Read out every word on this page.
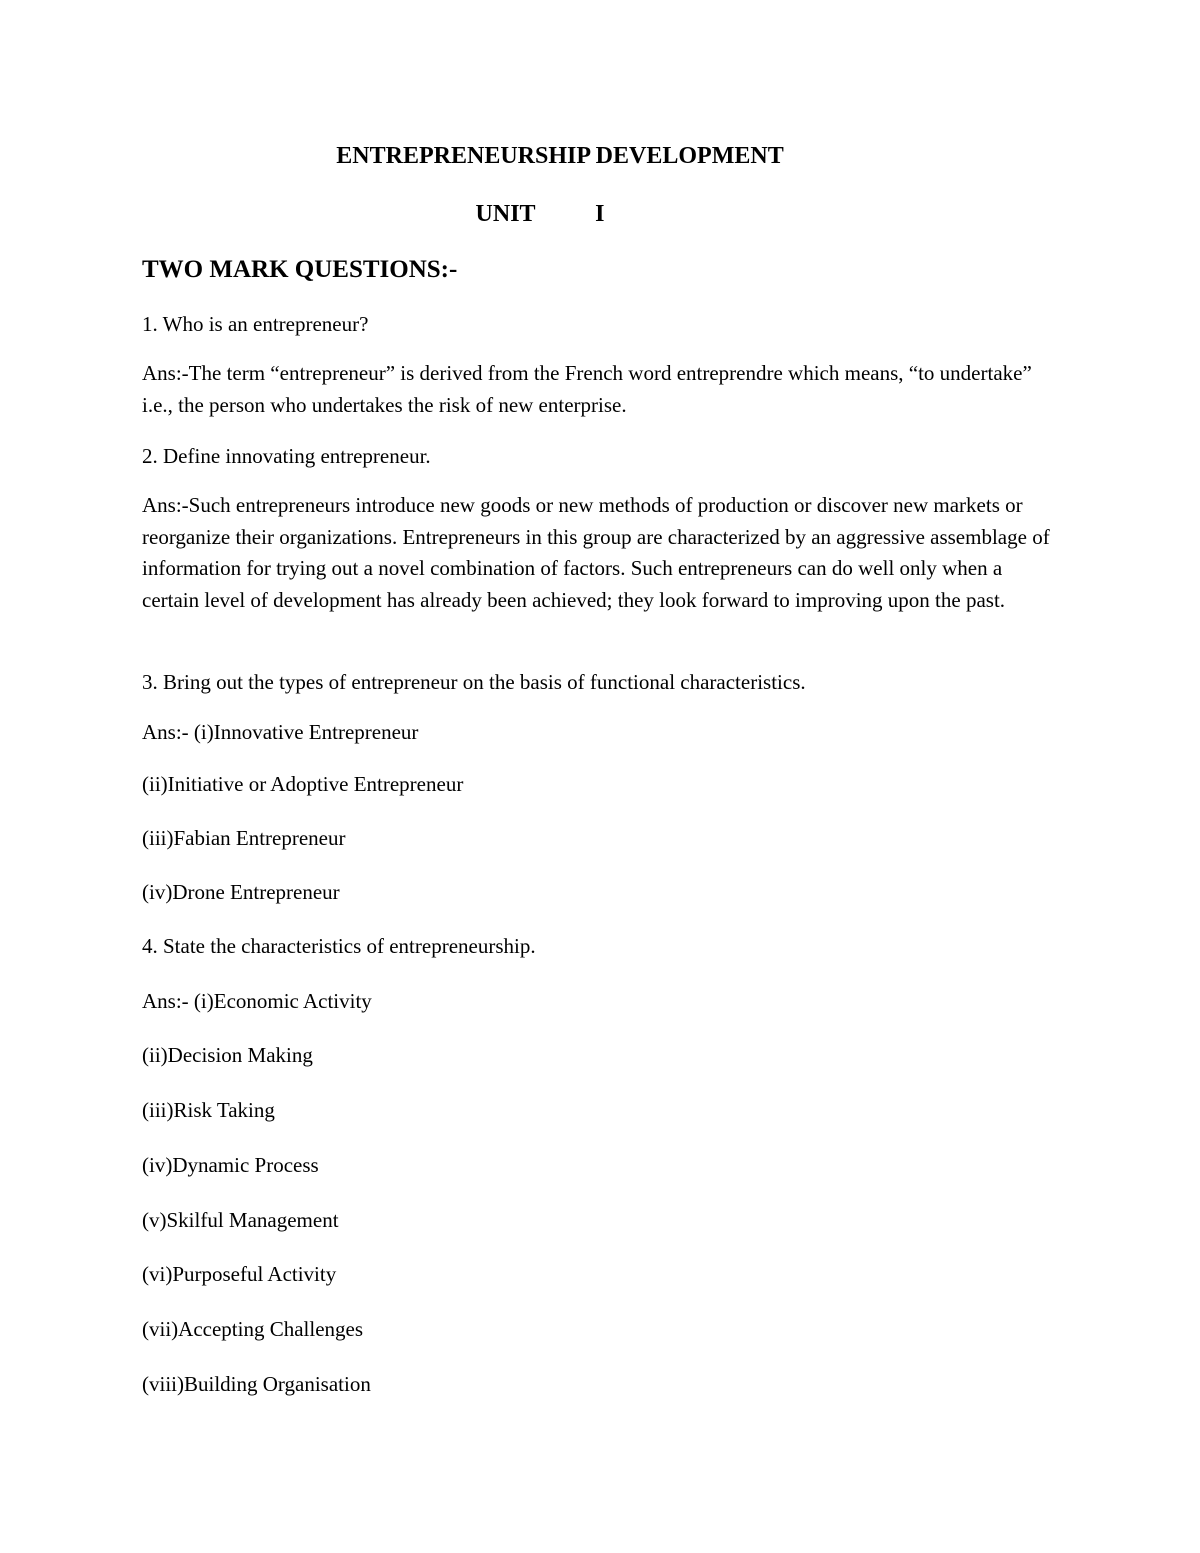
ENTREPRENEURSHIP DEVELOPMENT
UNIT   I
TWO MARK QUESTIONS:-

1. Who is an entrepreneur?

Ans:-The term “entrepreneur” is derived from the French word entreprendre which means, “to undertake” i.e., the person who undertakes the risk of new enterprise.

2. Define innovating entrepreneur.

Ans:-Such entrepreneurs introduce new goods or new methods of production or discover new markets or reorganize their organizations. Entrepreneurs in this group are characterized by an aggressive assemblage of information for trying out a novel combination of factors. Such entrepreneurs can do well only when a certain level of development has already been achieved; they look forward to improving upon the past.

3. Bring out the types of entrepreneur on the basis of functional characteristics.

Ans:- (i)Innovative Entrepreneur

(ii)Initiative or Adoptive Entrepreneur

(iii)Fabian Entrepreneur

(iv)Drone Entrepreneur

4. State the characteristics of entrepreneurship.

Ans:- (i)Economic Activity

(ii)Decision Making

(iii)Risk Taking

(iv)Dynamic Process

(v)Skilful Management

(vi)Purposeful Activity

(vii)Accepting Challenges

(viii)Building Organisation
